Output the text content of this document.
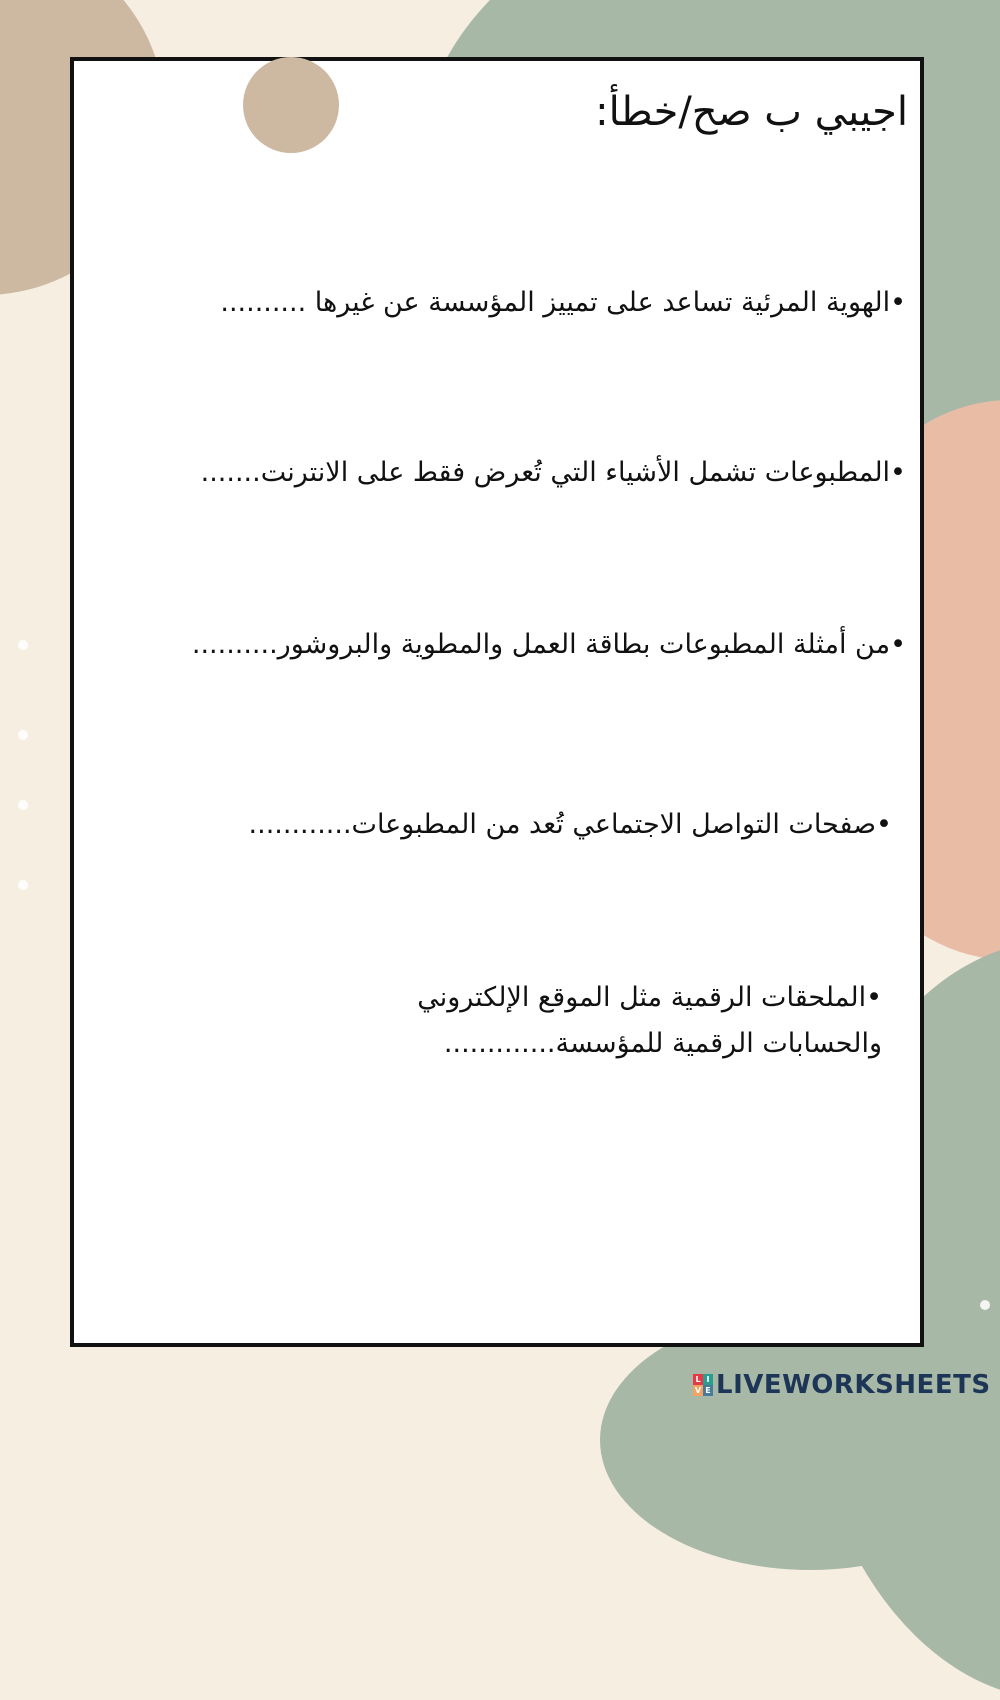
اجيبي ب صح/خطأ:
•الهوية المرئية تساعد على تمييز المؤسسة عن غيرها ..........
•المطبوعات تشمل الأشياء التي تُعرض فقط على الانترنت.......
•من أمثلة المطبوعات بطاقة العمل والمطوية والبروشور..........
•صفحات التواصل الاجتماعي تُعد من المطبوعات............
•الملحقات الرقمية مثل الموقع الإلكتروني
والحسابات الرقمية للمؤسسة.............
L I
V E LIVEWORKSHEETS
